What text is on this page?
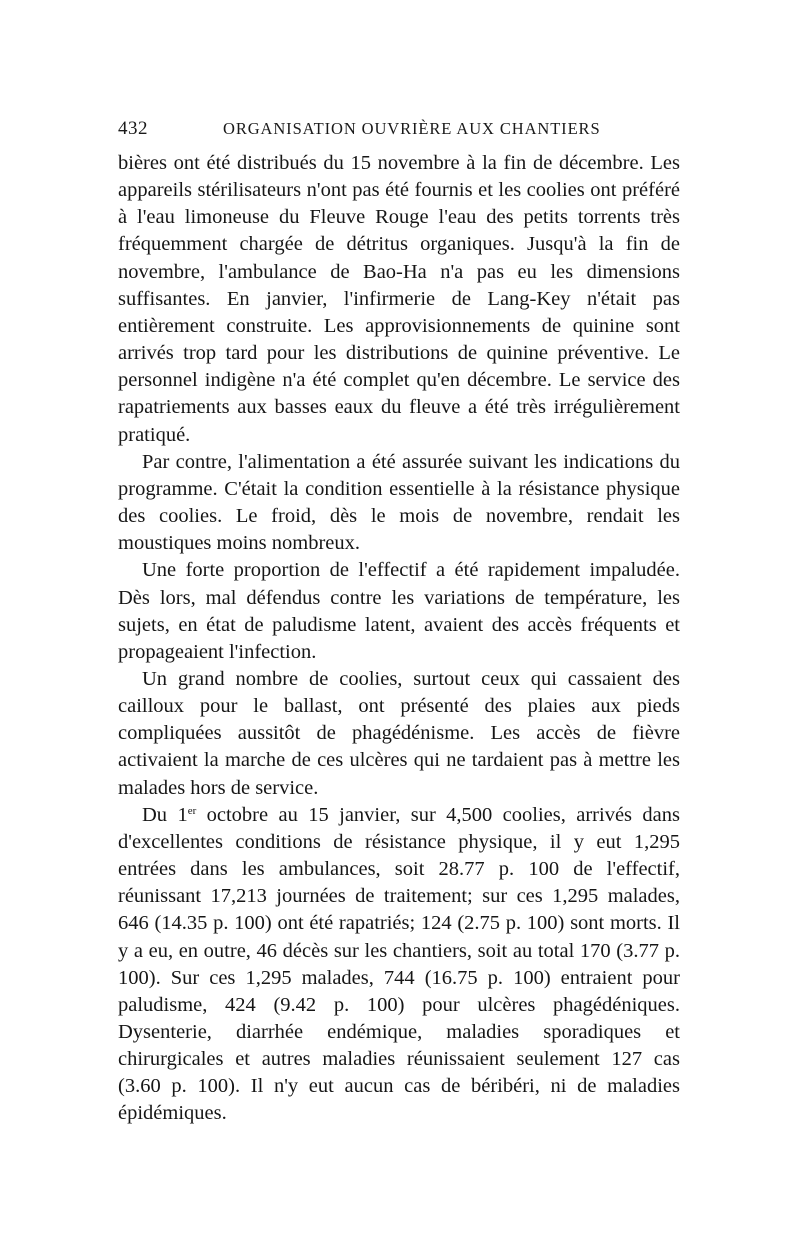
432	ORGANISATION OUVRIÈRE AUX CHANTIERS

bières ont été distribués du 15 novembre à la fin de décembre. Les appareils stérilisateurs n'ont pas été fournis et les coolies ont préféré à l'eau limoneuse du Fleuve Rouge l'eau des petits torrents très fréquemment chargée de détritus organiques. Jusqu'à la fin de novembre, l'ambulance de Bao-Ha n'a pas eu les dimensions suffisantes. En janvier, l'infirmerie de Lang-Key n'était pas entièrement construite. Les approvisionnements de quinine sont arrivés trop tard pour les distributions de quinine préventive. Le personnel indigène n'a été complet qu'en décembre. Le service des rapatriements aux basses eaux du fleuve a été très irrégulièrement pratiqué.

Par contre, l'alimentation a été assurée suivant les indications du programme. C'était la condition essentielle à la résistance physique des coolies. Le froid, dès le mois de novembre, rendait les moustiques moins nombreux.

Une forte proportion de l'effectif a été rapidement impaludée. Dès lors, mal défendus contre les variations de température, les sujets, en état de paludisme latent, avaient des accès fréquents et propageaient l'infection.

Un grand nombre de coolies, surtout ceux qui cassaient des cailloux pour le ballast, ont présenté des plaies aux pieds compliquées aussitôt de phagédénisme. Les accès de fièvre activaient la marche de ces ulcères qui ne tardaient pas à mettre les malades hors de service.

Du 1er octobre au 15 janvier, sur 4,500 coolies, arrivés dans d'excellentes conditions de résistance physique, il y eut 1,295 entrées dans les ambulances, soit 28.77 p. 100 de l'effectif, réunissant 17,213 journées de traitement; sur ces 1,295 malades, 646 (14.35 p. 100) ont été rapatriés; 124 (2.75 p. 100) sont morts. Il y a eu, en outre, 46 décès sur les chantiers, soit au total 170 (3.77 p. 100). Sur ces 1,295 malades, 744 (16.75 p. 100) entraient pour paludisme, 424 (9.42 p. 100) pour ulcères phagédéniques. Dysenterie, diarrhée endémique, maladies sporadiques et chirurgicales et autres maladies réunissaient seulement 127 cas (3.60 p. 100). Il n'y eut aucun cas de béribéri, ni de maladies épidémiques.
